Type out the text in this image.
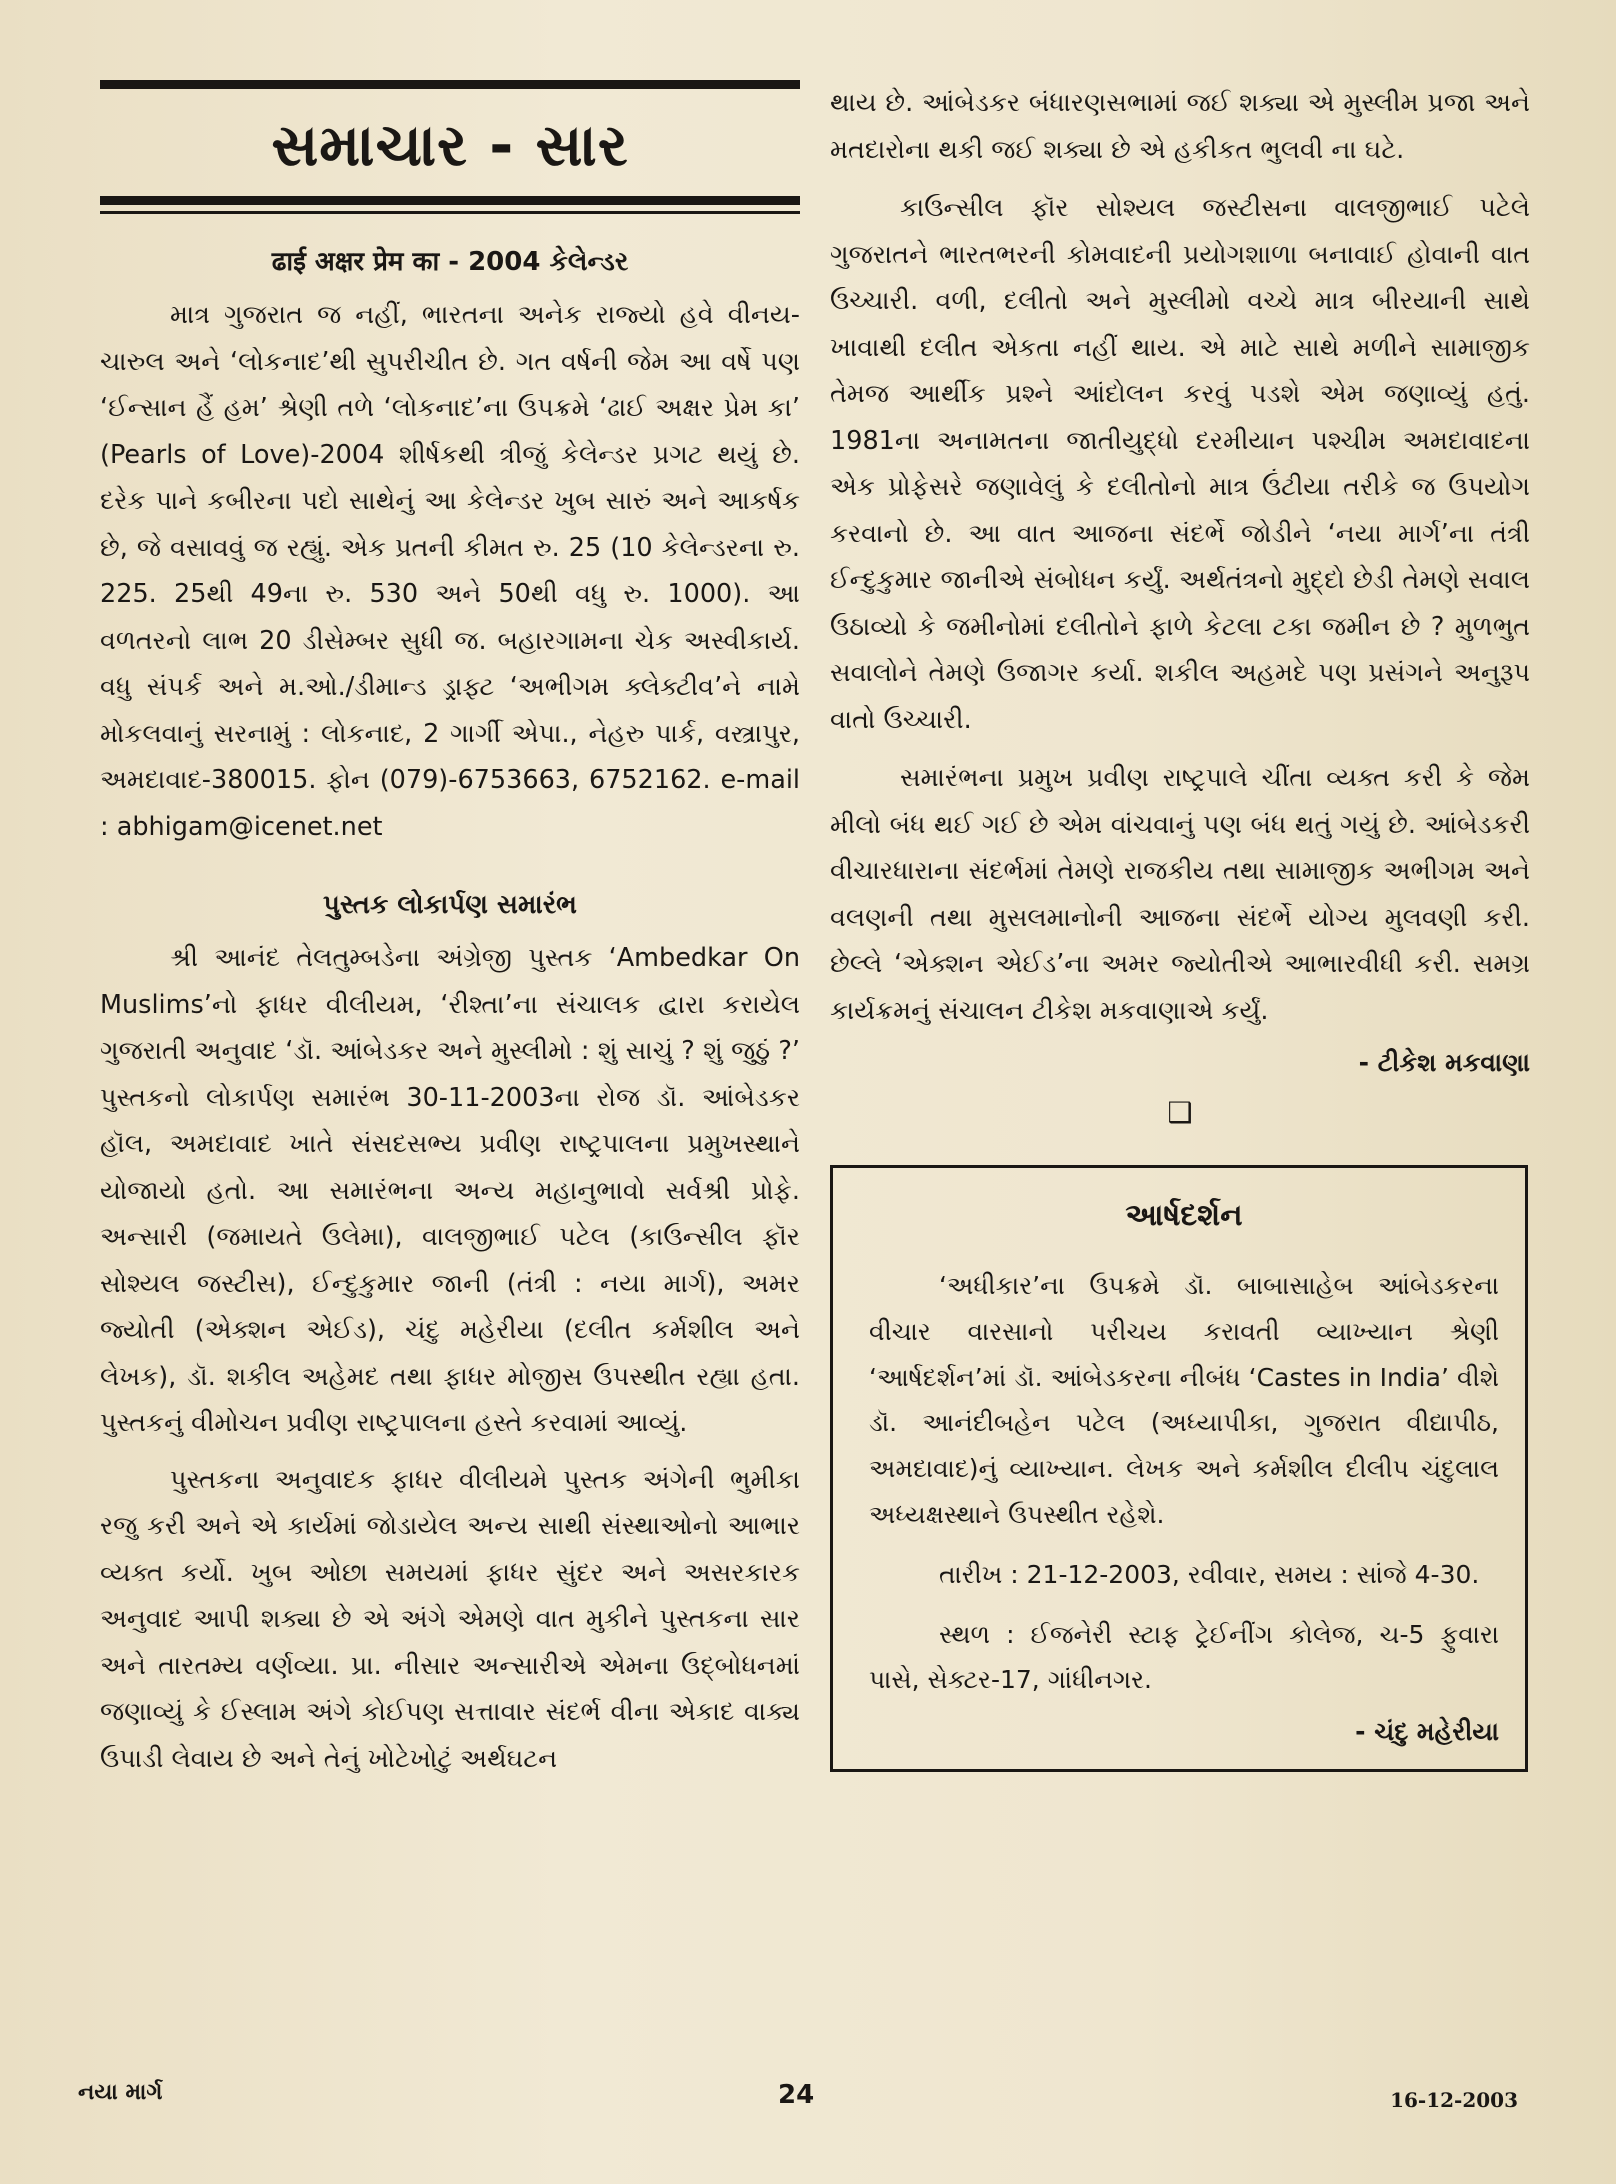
સમાચાર - સાર
ढाई अक्षर प्रेम का - 2004 કેલેન્ડર

માત્ર ગુજરાત જ નહીં, ભારતના અનેક રાજ્યો હવે વીનય-ચારુલ અને ‘લોકનાદ’થી સુપરીચીત છે. ગત વર્ષની જેમ આ વર્ષે પણ ‘ઈન્સાન હૈં હમ’ શ્રેણી તળે ‘લોકનાદ’ના ઉપક્રમે ‘ઢાઈ અક્ષર પ્રેમ કા’ (Pearls of Love)-2004 શીર્ષકથી ત્રીજું કેલેન્ડર પ્રગટ થયું છે. દરેક પાને કબીરના પદો સાથેનું આ કેલેન્ડર ખુબ સારું અને આકર્ષક છે, જે વસાવવું જ રહ્યું. એક પ્રતની કીમત રુ. 25 (10 કેલેન્ડરના રુ. 225. 25થી 49ના રુ. 530 અને 50થી વધુ રુ. 1000). આ વળતરનો લાભ 20 ડીસેમ્બર સુધી જ. બહારગામના ચેક અસ્વીકાર્ય. વધુ સંપર્ક અને મ.ઓ./ડીમાન્ડ ડ્રાફ્ટ ‘અભીગમ ક્લેક્ટીવ’ને નામે મોકલવાનું સરનામું : લોકનાદ, 2 ગાર્ગી એપા., નેહરુ પાર્ક, વસ્ત્રાપુર, અમદાવાદ-380015. ફોન (079)-6753663, 6752162. e-mail : abhigam@icenet.net

પુસ્તક લોકાર્પણ સમારંભ

શ્રી આનંદ તેલતુમ્બડેના અંગ્રેજી પુસ્તક ‘Ambedkar On Muslims’નો ફાધર વીલીયમ, ‘રીશ્તા’ના સંચાલક દ્વારા કરાયેલ ગુજરાતી અનુવાદ ‘ડૉ. આંબેડકર અને મુસ્લીમો : શું સાચું ? શું જુઠું ?’ પુસ્તકનો લોકાર્પણ સમારંભ 30-11-2003ના રોજ ડૉ. આંબેડકર હૉલ, અમદાવાદ ખાતે સંસદસભ્ય પ્રવીણ રાષ્ટ્રપાલના પ્રમુખસ્થાને યોજાયો હતો. આ સમારંભના અન્ય મહાનુભાવો સર્વશ્રી પ્રોફે. અન્સારી (જમાયતે ઉલેમા), વાલજીભાઈ પટેલ (કાઉન્સીલ ફૉર સોશ્યલ જસ્ટીસ), ઈન્દુકુમાર જાની (તંત્રી : નયા માર્ગ), અમર જ્યોતી (એક્શન એઈડ), ચંદુ મહેરીયા (દલીત કર્મશીલ અને લેખક), ડૉ. શકીલ અહેમદ તથા ફાધર મોજીસ ઉપસ્થીત રહ્યા હતા. પુસ્તકનું વીમોચન પ્રવીણ રાષ્ટ્રપાલના હસ્તે કરવામાં આવ્યું.

પુસ્તકના અનુવાદક ફાધર વીલીયમે પુસ્તક અંગેની ભુમીકા રજુ કરી અને એ કાર્યમાં જોડાયેલ અન્ય સાથી સંસ્થાઓનો આભાર વ્યક્ત કર્યો. ખુબ ઓછા સમયમાં ફાધર સુંદર અને અસરકારક અનુવાદ આપી શક્યા છે એ અંગે એમણે વાત મુકીને પુસ્તકના સાર અને તારતમ્ય વર્ણવ્યા. પ્રા. નીસાર અન્સારીએ એમના ઉદ્બોધનમાં જણાવ્યું કે ઈસ્લામ અંગે કોઈપણ સત્તાવાર સંદર્ભ વીના એકાદ વાક્ય ઉપાડી લેવાય છે અને તેનું ખોટેખોટું અર્થઘટન

થાય છે. આંબેડકર બંધારણસભામાં જઈ શક્યા એ મુસ્લીમ પ્રજા અને મતદારોના થકી જઈ શક્યા છે એ હકીકત ભુલવી ના ઘટે.

કાઉન્સીલ ફૉર સોશ્યલ જસ્ટીસના વાલજીભાઈ પટેલે ગુજરાતને ભારતભરની કોમવાદની પ્રયોગશાળા બનાવાઈ હોવાની વાત ઉચ્ચારી. વળી, દલીતો અને મુસ્લીમો વચ્ચે માત્ર બીરયાની સાથે ખાવાથી દલીત એકતા નહીં થાય. એ માટે સાથે મળીને સામાજીક તેમજ આર્થીક પ્રશ્ને આંદોલન કરવું પડશે એમ જણાવ્યું હતું. 1981ના અનામતના જાતીયુદ્ધો દરમીયાન પશ્ચીમ અમદાવાદના એક પ્રોફેસરે જણાવેલું કે દલીતોનો માત્ર ઉંટીયા તરીકે જ ઉપયોગ કરવાનો છે. આ વાત આજના સંદર્ભે જોડીને ‘નયા માર્ગ’ના તંત્રી ઈન્દુકુમાર જાનીએ સંબોધન કર્યું. અર્થતંત્રનો મુદ્દો છેડી તેમણે સવાલ ઉઠાવ્યો કે જમીનોમાં દલીતોને ફાળે કેટલા ટકા જમીન છે ? મુળભુત સવાલોને તેમણે ઉજાગર કર્યા. શકીલ અહમદે પણ પ્રસંગને અનુરૂપ વાતો ઉચ્ચારી.

સમારંભના પ્રમુખ પ્રવીણ રાષ્ટ્રપાલે ચીંતા વ્યક્ત કરી કે જેમ મીલો બંધ થઈ ગઈ છે એમ વાંચવાનું પણ બંધ થતું ગયું છે. આંબેડકરી વીચારધારાના સંદર્ભમાં તેમણે રાજકીય તથા સામાજીક અભીગમ અને વલણની તથા મુસલમાનોની આજના સંદર્ભે યોગ્ય મુલવણી કરી. છેલ્લે ‘એક્શન એઈડ’ના અમર જ્યોતીએ આભારવીધી કરી. સમગ્ર કાર્યક્રમનું સંચાલન ટીકેશ મકવાણાએ કર્યું.

- ટીકેશ મકવાણા
❑
આર્ષદર્શન

‘અધીકાર’ના ઉપક્રમે ડૉ. બાબાસાહેબ આંબેડકરના વીચાર વારસાનો પરીચય કરાવતી વ્યાખ્યાન શ્રેણી ‘આર્ષદર્શન’માં ડૉ. આંબેડકરના નીબંધ ‘Castes in India’ વીશે ડૉ. આનંદીબહેન પટેલ (અધ્યાપીકા, ગુજરાત વીદ્યાપીઠ, અમદાવાદ)નું વ્યાખ્યાન. લેખક અને કર્મશીલ દીલીપ ચંદુલાલ અધ્યક્ષસ્થાને ઉપસ્થીત રહેશે.

તારીખ : 21-12-2003, રવીવાર, સમય : સાંજે 4-30.

સ્થળ : ઈજનેરી સ્ટાફ ટ્રેઈનીંગ કોલેજ, ચ-5 ફુવારા પાસે, સેક્ટર-17, ગાંધીનગર.

- ચંદુ મહેરીયા
નયા માર્ગ	24	16-12-2003
